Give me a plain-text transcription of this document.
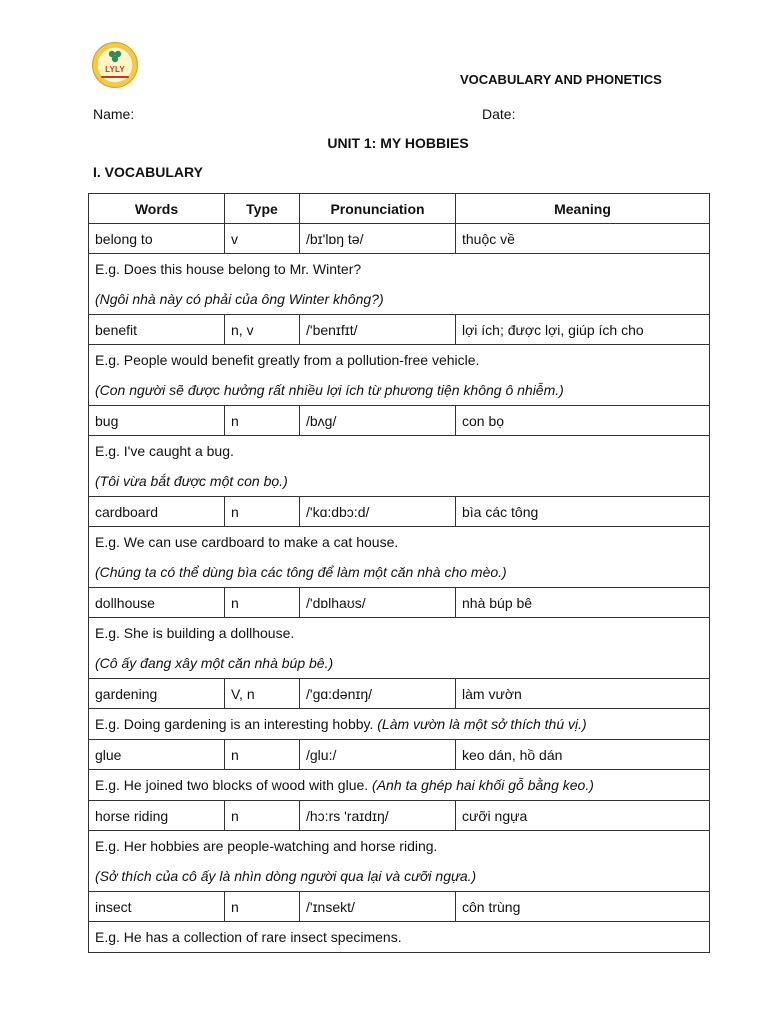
LYLY
VOCABULARY AND PHONETICS
Name:	Date:
UNIT 1: MY HOBBIES
I. VOCABULARY
Words	Type	Pronunciation	Meaning
belong to	v	/bɪ'lɒŋ tə/	thuộc về

E.g. Does this house belong to Mr. Winter?
(Ngôi nhà này có phải của ông Winter không?)			

benefit	n, v	/'benɪfɪt/	lợi ích; được lợi, giúp ích cho

E.g. People would benefit greatly from a pollution-free vehicle.
(Con người sẽ được hưởng rất nhiều lợi ích từ phương tiện không ô nhiễm.)			

bug	n	/bʌg/	con bọ

E.g. I've caught a bug.
(Tôi vừa bắt được một con bọ.)			

cardboard	n	/'kɑ:dbɔ:d/	bìa các tông

E.g. We can use cardboard to make a cat house.
(Chúng ta có thể dùng bìa các tông để làm một căn nhà cho mèo.)			

dollhouse	n	/'dɒlhaʊs/	nhà búp bê

E.g. She is building a dollhouse.
(Cô ấy đang xây một căn nhà búp bê.)			

gardening	V, n	/'gɑ:dənɪŋ/	làm vườn

E.g. Doing gardening is an interesting hobby. (Làm vườn là một sở thích thú vị.)			

glue	n	/glu:/	keo dán, hồ dán

E.g. He joined two blocks of wood with glue. (Anh ta ghép hai khối gỗ bằng keo.)			

horse riding	n	/hɔ:rs 'raɪdɪŋ/	cưỡi ngựa

E.g. Her hobbies are people-watching and horse riding.
(Sở thích của cô ấy là nhìn dòng người qua lại và cưỡi ngựa.)			

insect	n	/'ɪnsekt/	côn trùng

E.g. He has a collection of rare insect specimens.			
